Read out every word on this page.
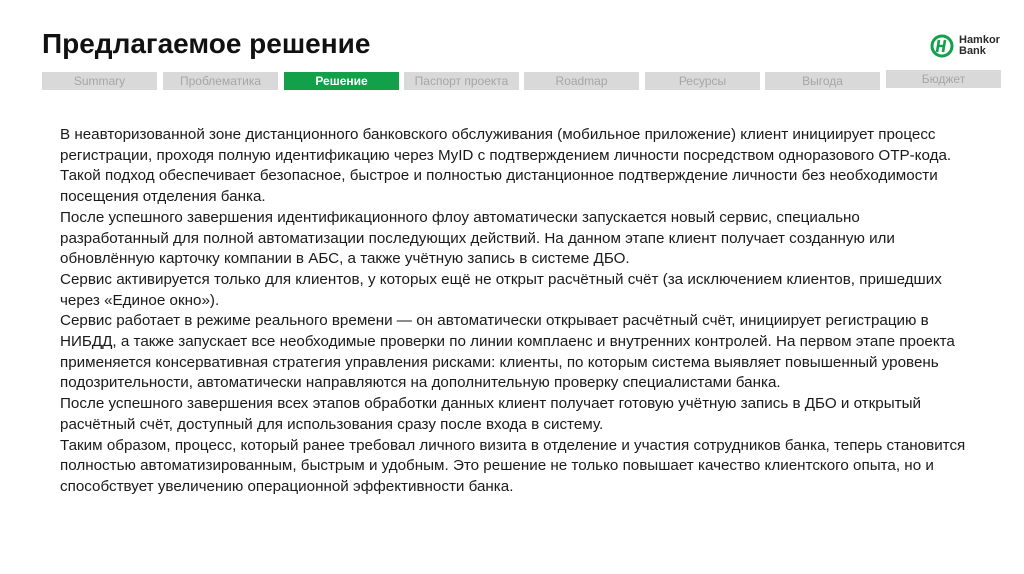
Предлагаемое решение	Hamkor
Bank
Summary	Проблематика	Решение	Паспорт проекта	Roadmap	Ресурсы	Выгода	Бюджет

В неавторизованной зоне дистанционного банковского обслуживания (мобильное приложение) клиент инициирует процесс регистрации, проходя полную идентификацию через MyID с подтверждением личности посредством одноразового OTP-кода. Такой подход обеспечивает безопасное, быстрое и полностью дистанционное подтверждение личности без необходимости посещения отделения банка.

После успешного завершения идентификационного флоу автоматически запускается новый сервис, специально разработанный для полной автоматизации последующих действий. На данном этапе клиент получает созданную или обновлённую карточку компании в АБС, а также учётную запись в системе ДБО.

Сервис активируется только для клиентов, у которых ещё не открыт расчётный счёт (за исключением клиентов, пришедших через «Единое окно»).

Сервис работает в режиме реального времени — он автоматически открывает расчётный счёт, инициирует регистрацию в НИБДД, а также запускает все необходимые проверки по линии комплаенс и внутренних контролей. На первом этапе проекта применяется консервативная стратегия управления рисками: клиенты, по которым система выявляет повышенный уровень подозрительности, автоматически направляются на дополнительную проверку специалистами банка.

После успешного завершения всех этапов обработки данных клиент получает готовую учётную запись в ДБО и открытый расчётный счёт, доступный для использования сразу после входа в систему.

Таким образом, процесс, который ранее требовал личного визита в отделение и участия сотрудников банка, теперь становится полностью автоматизированным, быстрым и удобным. Это решение не только повышает качество клиентского опыта, но и способствует увеличению операционной эффективности банка.
